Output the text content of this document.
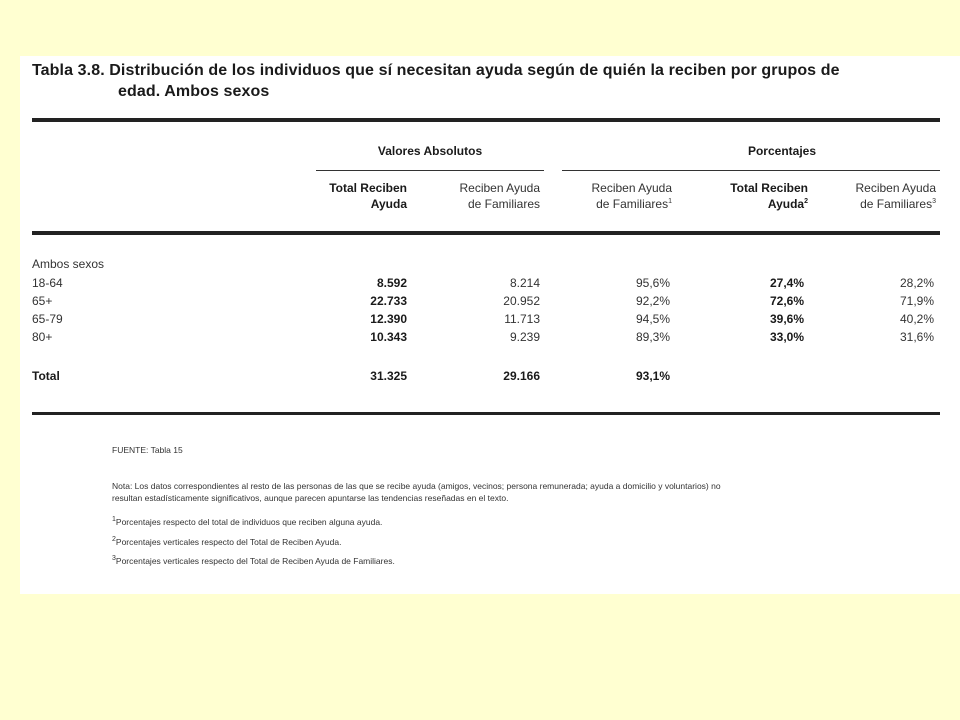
Tabla 3.8. Distribución de los individuos que sí necesitan ayuda según de quién la reciben por grupos de
edad. Ambos sexos
Valores Absolutos	Porcentajes
Total Reciben
Ayuda
Reciben Ayuda
de Familiares
Reciben Ayuda
de Familiares$^1$
Total Reciben
Ayuda$^2$
Reciben Ayuda
de Familiares$^3$
Ambos sexos
18-64	8.592	8.214	95,6%	27,4%	28,2%
65+	22.733	20.952	92,2%	72,6%	71,9%
65-79	12.390	11.713	94,5%	39,6%	40,2%
80+	10.343	9.239	89,3%	33,0%	31,6%
Total	31.325	29.166	93,1%
FUENTE: Tabla 15
Nota: Los datos correspondientes al resto de las personas de las que se recibe ayuda (amigos, vecinos; persona remunerada; ayuda a domicilio y voluntarios) no
resultan estadísticamente significativos, aunque parecen apuntarse las tendencias reseñadas en el texto.
$^1$Porcentajes respecto del total de individuos que reciben alguna ayuda.
$^2$Porcentajes verticales respecto del Total de Reciben Ayuda.
$^3$Porcentajes verticales respecto del Total de Reciben Ayuda de Familiares.
